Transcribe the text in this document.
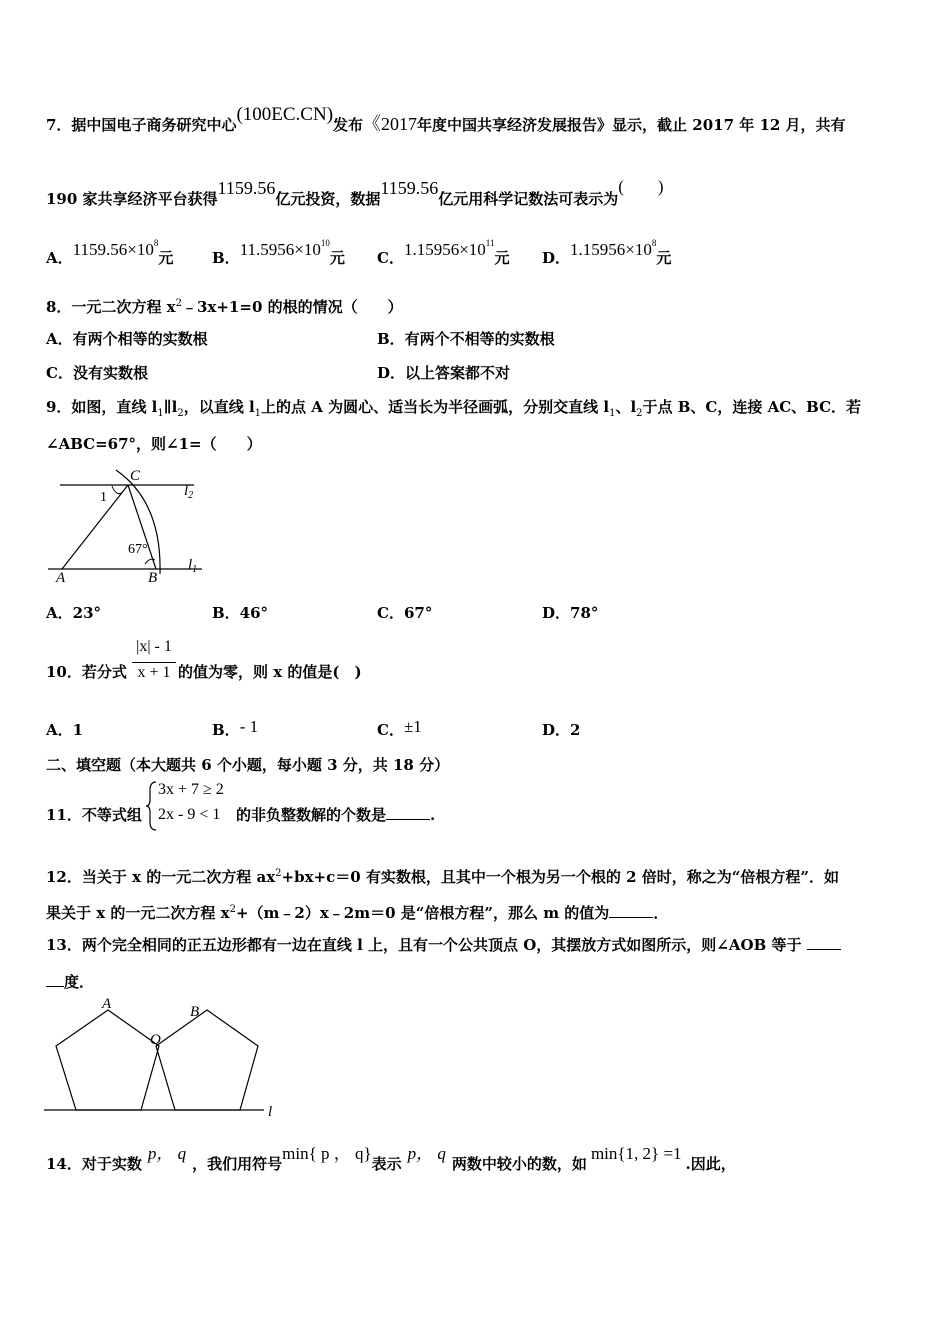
7．据中国电子商务研究中心(100EC.CN)发布《2017年度中国共享经济发展报告》显示，截止 2017 年 12 月，共有
190 家共享经济平台获得1159.56亿元投资，数据1159.56亿元用科学记数法可表示为(　　)
A．$1159.56\times 10^8$元	B．$11.5956\times 10^{10}$元 C．$1.15956\times 10^{11}$元 D．$1.15956\times 10^8$元
8．一元二次方程 $x^2﹣3x+1=0$ 的根的情况（　　）
A．有两个相等的实数根	B．有两个不相等的实数根
C．没有实数根	D．以上答案都不对
9．如图，直线 $l_1\parallel l_2$，以直线 $l_1$上的点 A 为圆心、适当长为半径画弧，分别交直线 $l_1$、$l_2$于点 B、C，连接 AC、BC．若
∠ABC=67°，则∠1=（　　）
C
$l_2$
1
67°
A	B
$l_1$
A．23°	B．46°	C．67°	D．78°
10．若分式
|x| - 1
x + 1 的值为零，则 x 的值是(　)
A．1	B．- 1	C．±1	D．2
二、填空题（本大题共 6 个小题，每小题 3 分，共 18 分）
11．不等式组
3x + 7 ≥ 2
2x - 9 < 1 的非负整数解的个数是	.
12．当关于 x 的一元二次方程 $ax^2+bx+c=0$ 有实数根，且其中一个根为另一个根的 2 倍时，称之为“倍根方程”．如
果关于 x 的一元二次方程 $x^2+(m﹣2)x﹣2m=0$ 是“倍根方程”，那么 m 的值为	．
13．两个完全相同的正五边形都有一边在直线 l 上，且有一个公共顶点 O，其摆放方式如图所示，则∠AOB 等于
度．
A	B
O
l
14．对于实数p， q，我们用符号min{ p ， q}表示p， q两数中较小的数，如min{1, 2} =1.因此，
